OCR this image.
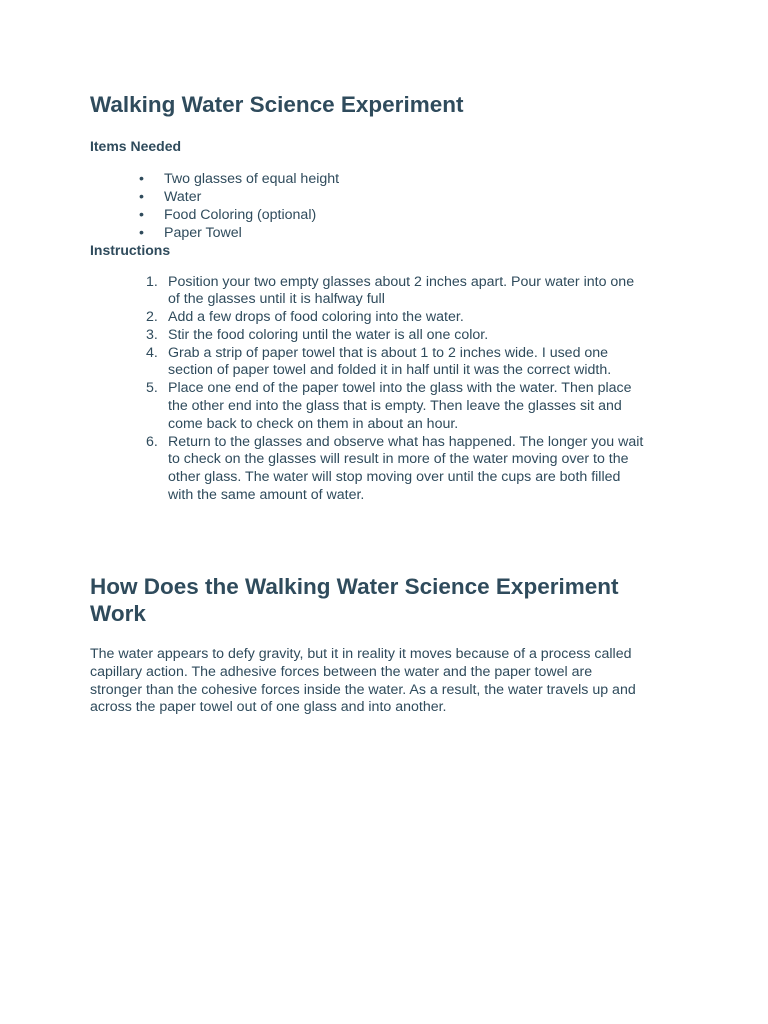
Walking Water Science Experiment
Items Needed
• Two glasses of equal height
• Water
• Food Coloring (optional)
• Paper Towel
Instructions
1. Position your two empty glasses about 2 inches apart. Pour water into one
of the glasses until it is halfway full
2. Add a few drops of food coloring into the water.
3. Stir the food coloring until the water is all one color.
4. Grab a strip of paper towel that is about 1 to 2 inches wide. I used one
section of paper towel and folded it in half until it was the correct width.
5. Place one end of the paper towel into the glass with the water. Then place
the other end into the glass that is empty. Then leave the glasses sit and
come back to check on them in about an hour.
6. Return to the glasses and observe what has happened. The longer you wait
to check on the glasses will result in more of the water moving over to the
other glass. The water will stop moving over until the cups are both filled
with the same amount of water.
How Does the Walking Water Science Experiment
Work

The water appears to defy gravity, but it in reality it moves because of a process called
capillary action. The adhesive forces between the water and the paper towel are
stronger than the cohesive forces inside the water. As a result, the water travels up and
across the paper towel out of one glass and into another.
